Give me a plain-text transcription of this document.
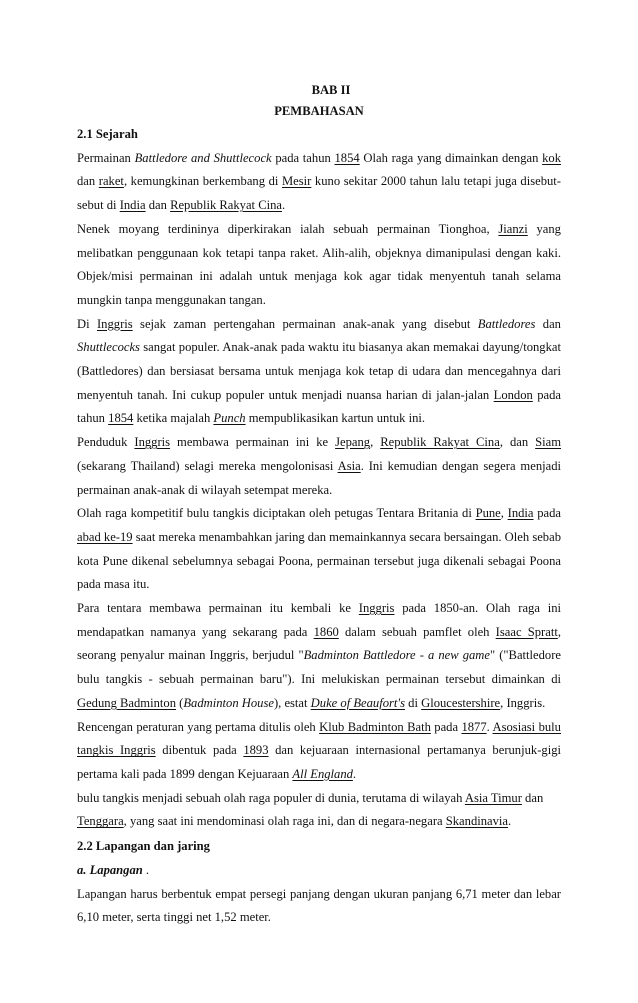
BAB II
PEMBAHASAN
2.1 Sejarah

Permainan Battledore and Shuttlecock pada tahun 1854 Olah raga yang dimainkan dengan kok dan raket, kemungkinan berkembang di Mesir kuno sekitar 2000 tahun lalu tetapi juga disebut-sebut di India dan Republik Rakyat Cina.

Nenek moyang terdininya diperkirakan ialah sebuah permainan Tionghoa, Jianzi yang melibatkan penggunaan kok tetapi tanpa raket. Alih-alih, objeknya dimanipulasi dengan kaki. Objek/misi permainan ini adalah untuk menjaga kok agar tidak menyentuh tanah selama mungkin tanpa menggunakan tangan.

Di Inggris sejak zaman pertengahan permainan anak-anak yang disebut Battledores dan Shuttlecocks sangat populer. Anak-anak pada waktu itu biasanya akan memakai dayung/tongkat (Battledores) dan bersiasat bersama untuk menjaga kok tetap di udara dan mencegahnya dari menyentuh tanah. Ini cukup populer untuk menjadi nuansa harian di jalan-jalan London pada tahun 1854 ketika majalah Punch mempublikasikan kartun untuk ini.

Penduduk Inggris membawa permainan ini ke Jepang, Republik Rakyat Cina, dan Siam (sekarang Thailand) selagi mereka mengolonisasi Asia. Ini kemudian dengan segera menjadi permainan anak-anak di wilayah setempat mereka.

Olah raga kompetitif bulu tangkis diciptakan oleh petugas Tentara Britania di Pune, India pada abad ke-19 saat mereka menambahkan jaring dan memainkannya secara bersaingan. Oleh sebab kota Pune dikenal sebelumnya sebagai Poona, permainan tersebut juga dikenali sebagai Poona pada masa itu.

Para tentara membawa permainan itu kembali ke Inggris pada 1850-an. Olah raga ini mendapatkan namanya yang sekarang pada 1860 dalam sebuah pamflet oleh Isaac Spratt, seorang penyalur mainan Inggris, berjudul "Badminton Battledore - a new game" ("Battledore bulu tangkis - sebuah permainan baru"). Ini melukiskan permainan tersebut dimainkan di Gedung Badminton (Badminton House), estat Duke of Beaufort's di Gloucestershire, Inggris.

Rencengan peraturan yang pertama ditulis oleh Klub Badminton Bath pada 1877. Asosiasi bulu tangkis Inggris dibentuk pada 1893 dan kejuaraan internasional pertamanya berunjuk-gigi pertama kali pada 1899 dengan Kejuaraan All England.

bulu tangkis menjadi sebuah olah raga populer di dunia, terutama di wilayah Asia Timur dan Tenggara, yang saat ini mendominasi olah raga ini, dan di negara-negara Skandinavia.

2.2 Lapangan dan jaring
a. Lapangan .

Lapangan harus berbentuk empat persegi panjang dengan ukuran panjang 6,71 meter dan lebar 6,10 meter, serta tinggi net 1,52 meter.
